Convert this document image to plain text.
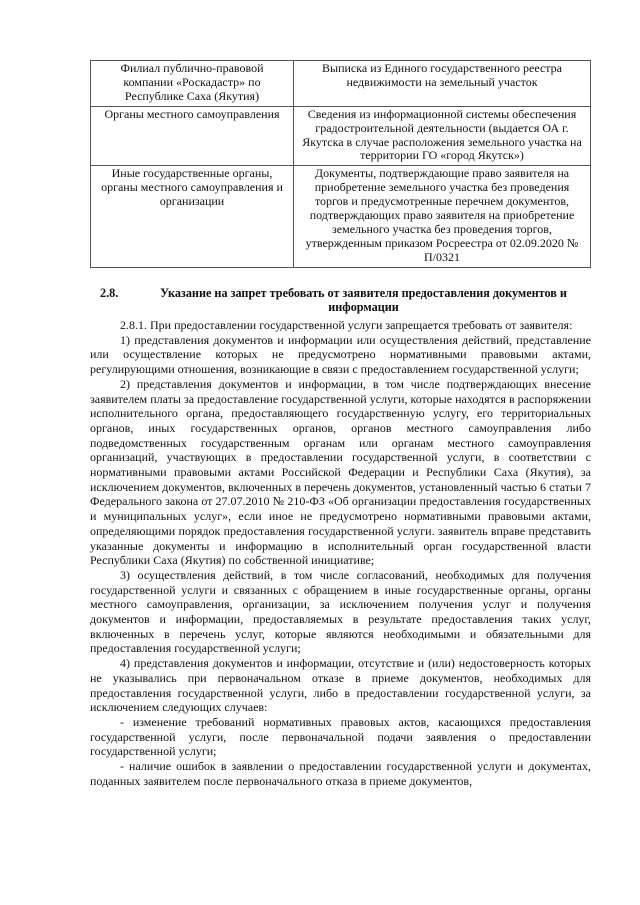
Филиал публично-правовой компании «Роскадастр» по Республике Саха (Якутия)	Выписка из Единого государственного реестра недвижимости на земельный участок
Органы местного самоуправления	Сведения из информационной системы обеспечения градостроительной деятельности (выдается ОА г. Якутска в случае расположения земельного участка на территории ГО «город Якутск»)
Иные государственные органы, органы местного самоуправления и организации	Документы, подтверждающие право заявителя на приобретение земельного участка без проведения торгов и предусмотренные перечнем документов, подтверждающих право заявителя на приобретение земельного участка без проведения торгов, утвержденным приказом Росреестра от 02.09.2020 № П/0321
2.8.	Указание на запрет требовать от заявителя предоставления документов и информации

2.8.1. При предоставлении государственной услуги запрещается требовать от заявителя:

1) представления документов и информации или осуществления действий, представление или осуществление которых не предусмотрено нормативными правовыми актами, регулирующими отношения, возникающие в связи с предоставлением государственной услуги;

2) представления документов и информации, в том числе подтверждающих внесение заявителем платы за предоставление государственной услуги, которые находятся в распоряжении исполнительного органа, предоставляющего государственную услугу, его территориальных органов, иных государственных органов, органов местного самоуправления либо подведомственных государственным органам или органам местного самоуправления организаций, участвующих в предоставлении государственной услуги, в соответствии с нормативными правовыми актами Российской Федерации и Республики Саха (Якутия), за исключением документов, включенных в перечень документов, установленный частью 6 статьи 7 Федерального закона от 27.07.2010 № 210-ФЗ «Об организации предоставления государственных и муниципальных услуг», если иное не предусмотрено нормативными правовыми актами, определяющими порядок предоставления государственной услуги. заявитель вправе представить указанные документы и информацию в исполнительный орган государственной власти Республики Саха (Якутия) по собственной инициативе;

3) осуществления действий, в том числе согласований, необходимых для получения государственной услуги и связанных с обращением в иные государственные органы, органы местного самоуправления, организации, за исключением получения услуг и получения документов и информации, предоставляемых в результате предоставления таких услуг, включенных в перечень услуг, которые являются необходимыми и обязательными для предоставления государственной услуги;

4) представления документов и информации, отсутствие и (или) недостоверность которых не указывались при первоначальном отказе в приеме документов, необходимых для предоставления государственной услуги, либо в предоставлении государственной услуги, за исключением следующих случаев:

- изменение требований нормативных правовых актов, касающихся предоставления государственной услуги, после первоначальной подачи заявления о предоставлении государственной услуги;

- наличие ошибок в заявлении о предоставлении государственной услуги и документах, поданных заявителем после первоначального отказа в приеме документов,
